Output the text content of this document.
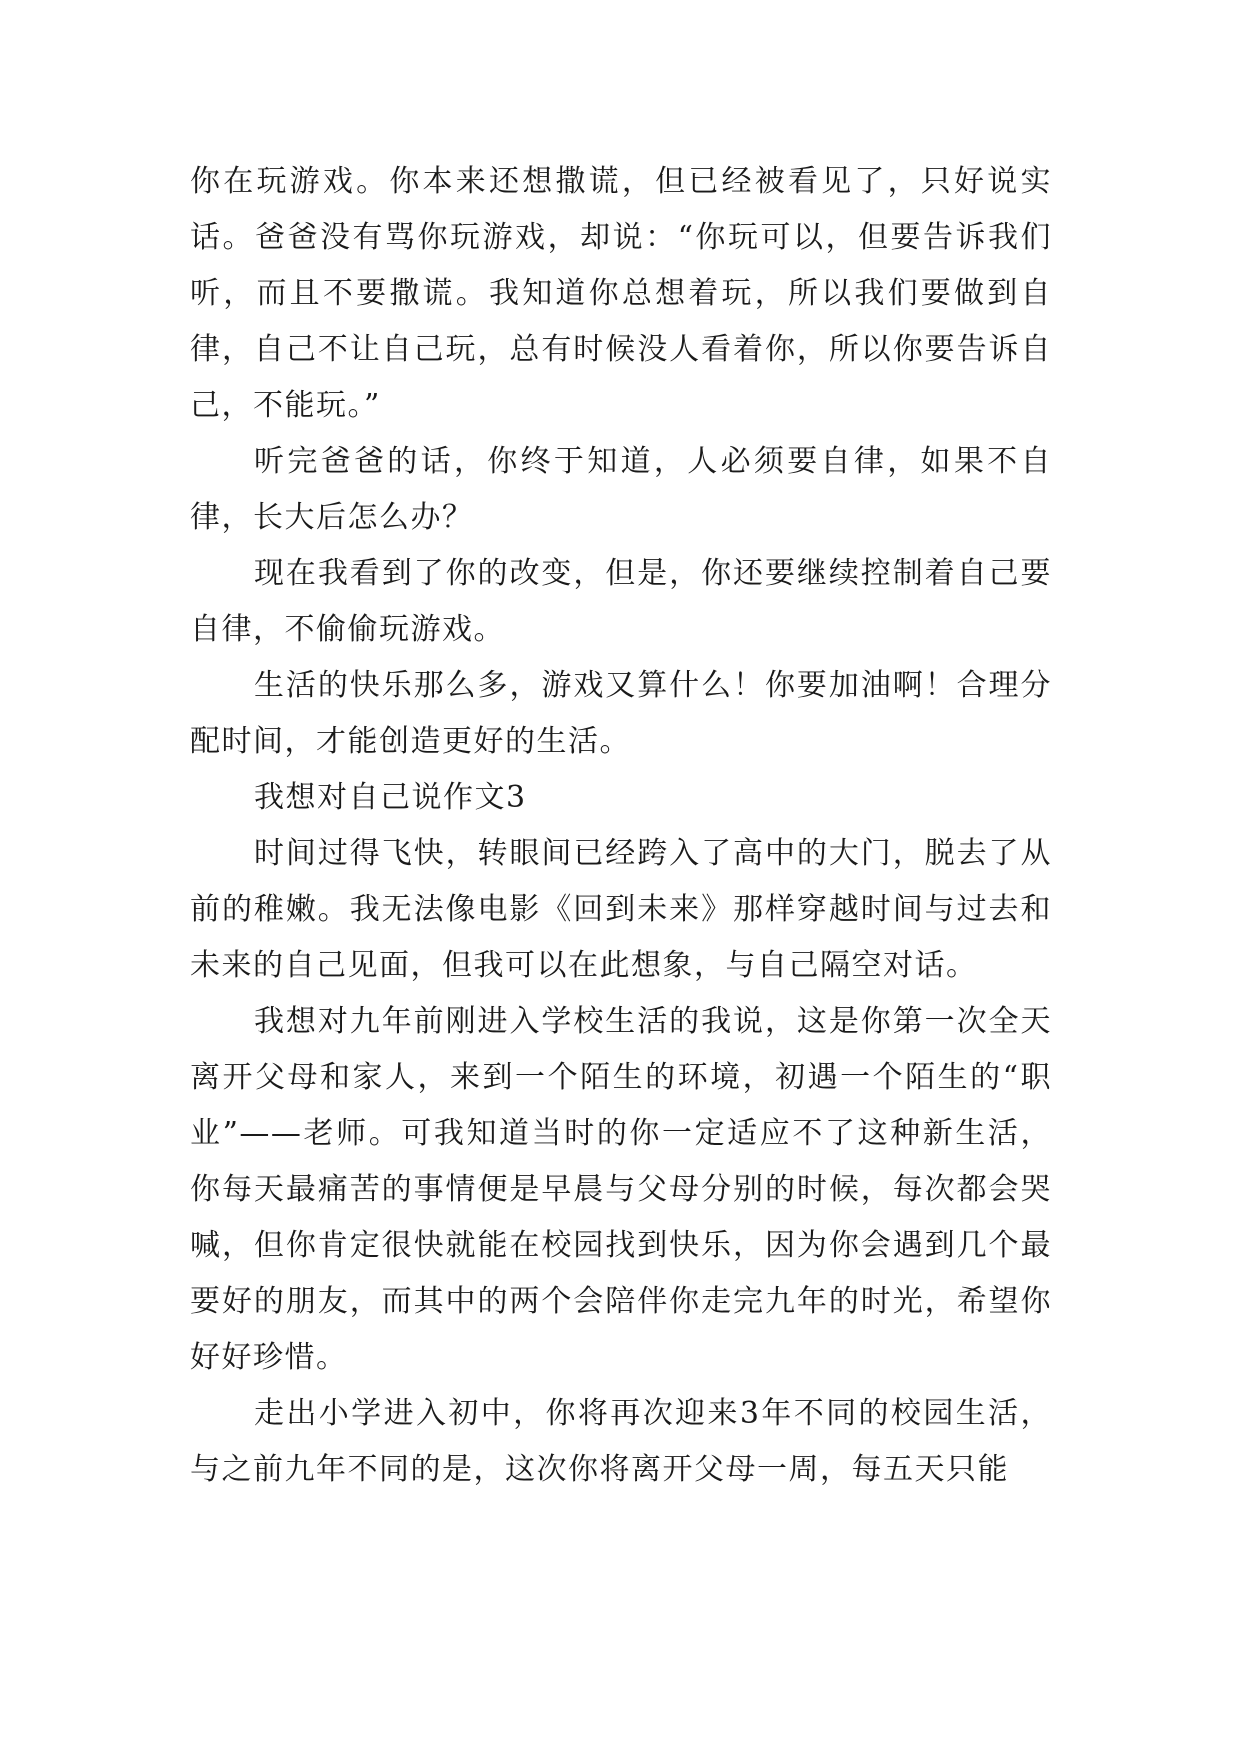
你在玩游戏。你本来还想撒谎，但已经被看见了，只好说实话。爸爸没有骂你玩游戏，却说：“你玩可以，但要告诉我们听，而且不要撒谎。我知道你总想着玩，所以我们要做到自律，自己不让自己玩，总有时候没人看着你，所以你要告诉自己，不能玩。”

听完爸爸的话，你终于知道，人必须要自律，如果不自律，长大后怎么办？

现在我看到了你的改变，但是，你还要继续控制着自己要自律，不偷偷玩游戏。

生活的快乐那么多，游戏又算什么！你要加油啊！合理分配时间，才能创造更好的生活。

我想对自己说作文3

时间过得飞快，转眼间已经跨入了高中的大门，脱去了从前的稚嫩。我无法像电影《回到未来》那样穿越时间与过去和未来的自己见面，但我可以在此想象，与自己隔空对话。

我想对九年前刚进入学校生活的我说，这是你第一次全天离开父母和家人，来到一个陌生的环境，初遇一个陌生的“职业”——老师。可我知道当时的你一定适应不了这种新生活，你每天最痛苦的事情便是早晨与父母分别的时候，每次都会哭喊，但你肯定很快就能在校园找到快乐，因为你会遇到几个最要好的朋友，而其中的两个会陪伴你走完九年的时光，希望你好好珍惜。

走出小学进入初中，你将再次迎来3年不同的校园生活，与之前九年不同的是，这次你将离开父母一周，每五天只能
